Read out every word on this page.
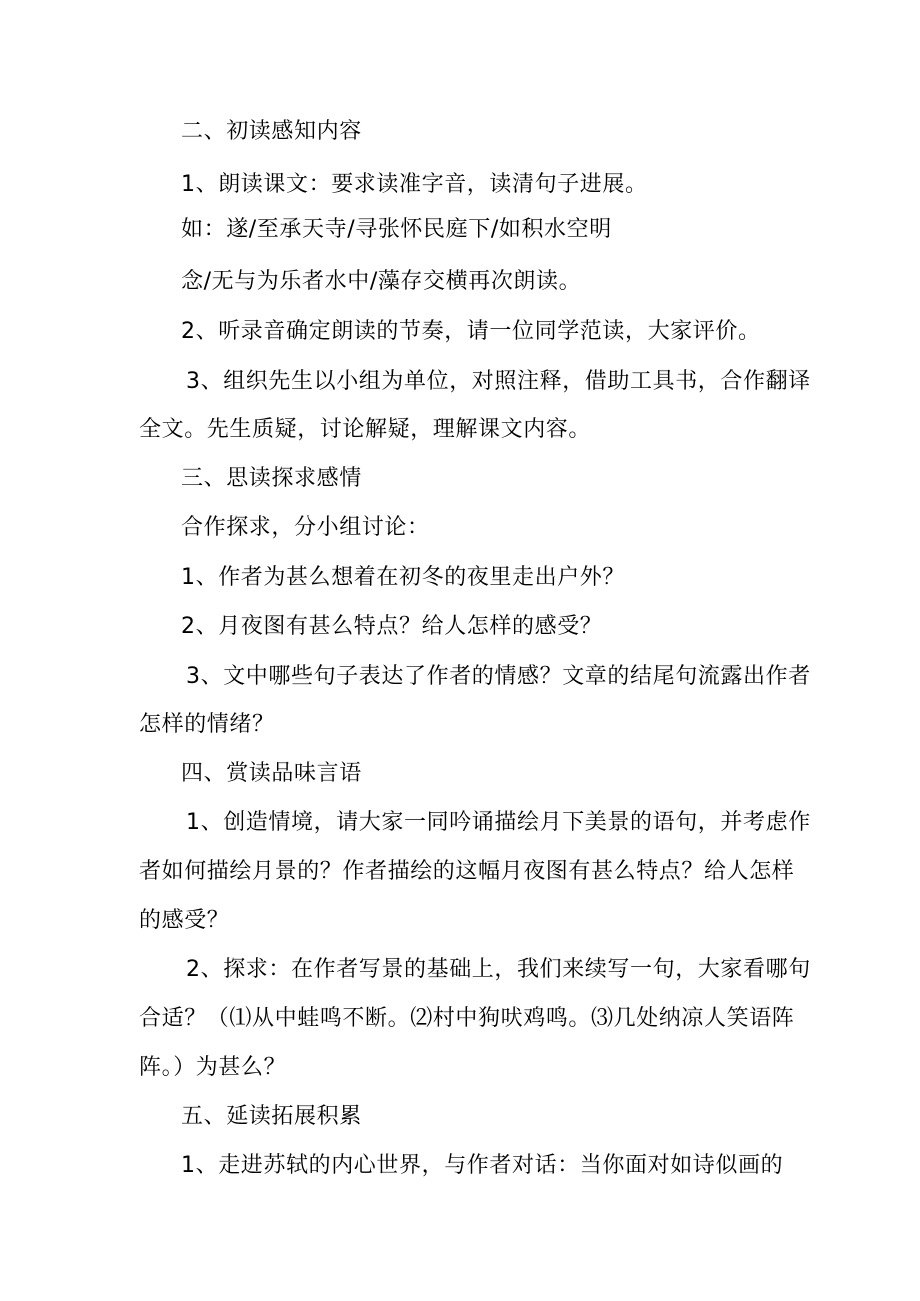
二、初读感知内容
1、朗读课文：要求读准字音，读清句子进展。
如：遂/至承天寺/寻张怀民庭下/如积水空明
念/无与为乐者水中/藻存交横再次朗读。
2、听录音确定朗读的节奏，请一位同学范读，大家评价。
3、组织先生以小组为单位，对照注释，借助工具书，合作翻译
全文。先生质疑，讨论解疑，理解课文内容。
三、思读探求感情
合作探求，分小组讨论：
1、作者为甚么想着在初冬的夜里走出户外？
2、月夜图有甚么特点？给人怎样的感受？
3、文中哪些句子表达了作者的情感？文章的结尾句流露出作者
怎样的情绪？
四、赏读品味言语
1、创造情境，请大家一同吟诵描绘月下美景的语句，并考虑作
者如何描绘月景的？作者描绘的这幅月夜图有甚么特点？给人怎样
的感受？
2、探求：在作者写景的基础上，我们来续写一句，大家看哪句
合适？（⑴从中蛙鸣不断。⑵村中狗吠鸡鸣。⑶几处纳凉人笑语阵
阵。）为甚么？
五、延读拓展积累
1、走进苏轼的内心世界，与作者对话：当你面对如诗似画的
